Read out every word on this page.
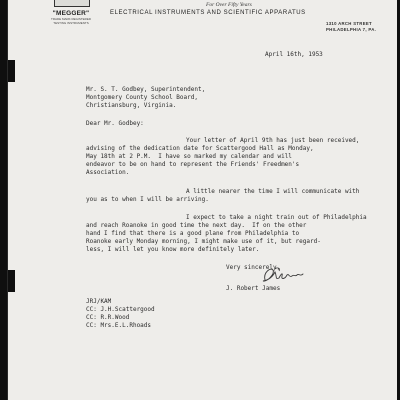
"MEGGER"
TRADE MARK REGISTERED
TESTING INSTRUMENTS
For Over Fifty Years
ELECTRICAL INSTRUMENTS AND SCIENTIFIC APPARATUS
1310 ARCH STREET
PHILADELPHIA 7, PA.
April 16th, 1953
Mr. S. T. Godbey, Superintendent,
Montgomery County School Board,
Christiansburg, Virginia.
Dear Mr. Godbey:
Your letter of April 9th has just been received,
advising of the dedication date for Scattergood Hall as Monday,
May 18th at 2 P.M.  I have so marked my calendar and will
endeavor to be on hand to represent the Friends' Freedmen's
Association.
A little nearer the time I will communicate with
you as to when I will be arriving.
I expect to take a night train out of Philadelphia
and reach Roanoke in good time the next day.  If on the other
hand I find that there is a good plane from Philadelphia to
Roanoke early Monday morning, I might make use of it, but regard-
less, I will let you know more definitely later.
Very sincerely,
J. Robert James
JRJ/KAM
CC: J.H.Scattergood
CC: R.R.Wood
CC: Mrs.E.L.Rhoads
